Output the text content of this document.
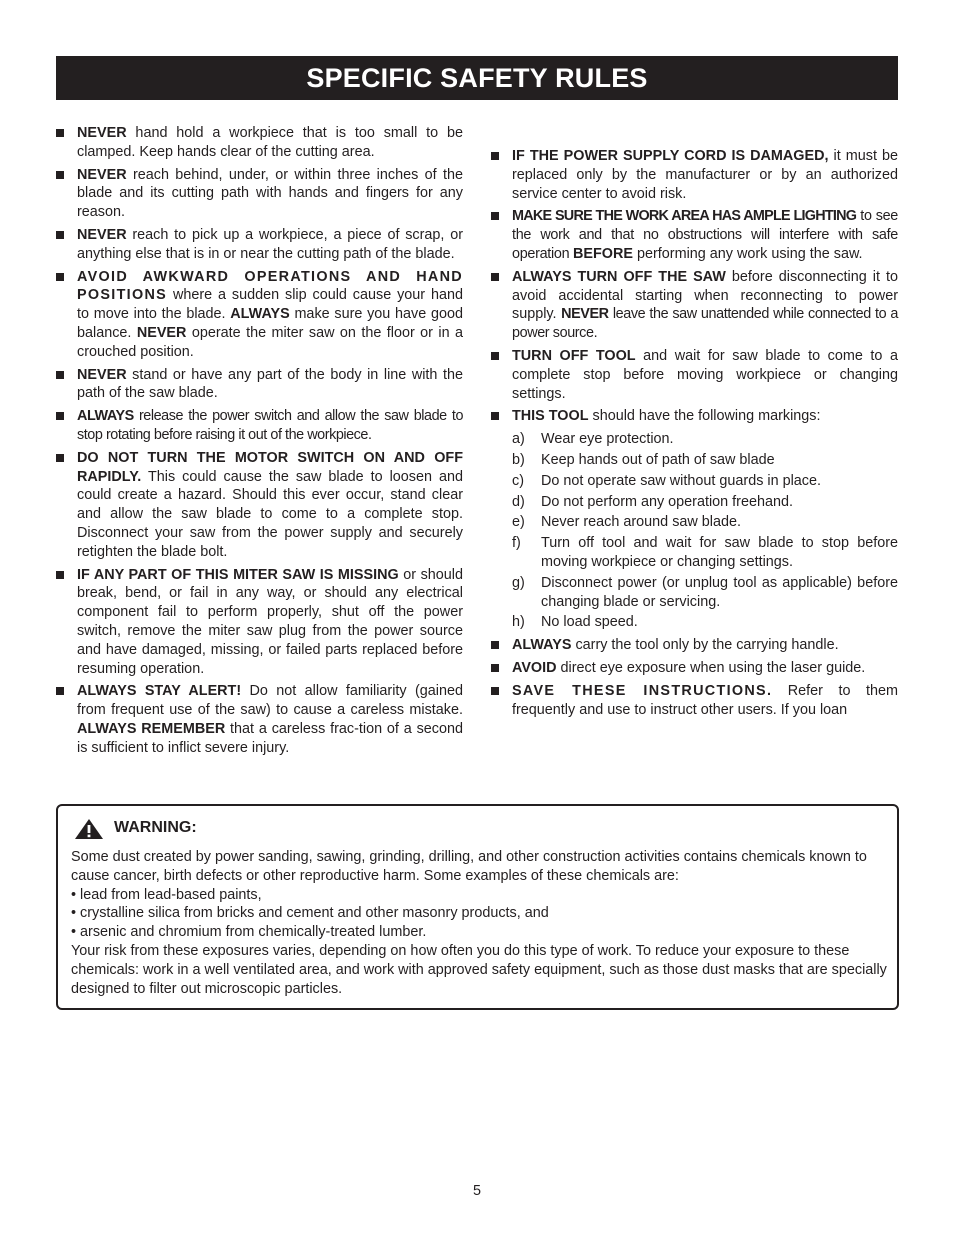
SPECIFIC SAFETY RULES
NEVER hand hold a workpiece that is too small to be clamped. Keep hands clear of the cutting area.
NEVER reach behind, under, or within three inches of the blade and its cutting path with hands and fingers for any reason.
NEVER reach to pick up a workpiece, a piece of scrap, or anything else that is in or near the cutting path of the blade.
AVOID AWKWARD OPERATIONS AND HAND POSITIONS where a sudden slip could cause your hand to move into the blade. ALWAYS make sure you have good balance. NEVER operate the miter saw on the floor or in a crouched position.
NEVER stand or have any part of the body in line with the path of the saw blade.
ALWAYS release the power switch and allow the saw blade to stop rotating before raising it out of the workpiece.
DO NOT TURN THE MOTOR SWITCH ON AND OFF RAPIDLY. This could cause the saw blade to loosen and could create a hazard. Should this ever occur, stand clear and allow the saw blade to come to a complete stop. Disconnect your saw from the power supply and securely retighten the blade bolt.
IF ANY PART OF THIS MITER SAW IS MISSING or should break, bend, or fail in any way, or should any electrical component fail to perform properly, shut off the power switch, remove the miter saw plug from the power source and have damaged, missing, or failed parts replaced before resuming operation.
ALWAYS STAY ALERT! Do not allow familiarity (gained from frequent use of the saw) to cause a careless mistake. ALWAYS REMEMBER that a careless frac-tion of a second is sufficient to inflict severe injury.
IF THE POWER SUPPLY CORD IS DAMAGED, it must be replaced only by the manufacturer or by an authorized service center to avoid risk.
MAKE SURE THE WORK AREA HAS AMPLE LIGHTING to see the work and that no obstructions will interfere with safe operation BEFORE performing any work using the saw.
ALWAYS TURN OFF THE SAW before disconnecting it to avoid accidental starting when reconnecting to power supply. NEVER leave the saw unattended while connected to a power source.
TURN OFF TOOL and wait for saw blade to come to a complete stop before moving workpiece or changing settings.
THIS TOOL should have the following markings:
a) Wear eye protection.
b) Keep hands out of path of saw blade
c) Do not operate saw without guards in place.
d) Do not perform any operation freehand.
e) Never reach around saw blade.
f) Turn off tool and wait for saw blade to stop before moving workpiece or changing settings.
g) Disconnect power (or unplug tool as applicable) before changing blade or servicing.
h) No load speed.
ALWAYS carry the tool only by the carrying handle.
AVOID direct eye exposure when using the laser guide.
SAVE THESE INSTRUCTIONS. Refer to them frequently and use to instruct other users. If you loan
WARNING:

Some dust created by power sanding, sawing, grinding, drilling, and other construction activities contains chemicals known to cause cancer, birth defects or other reproductive harm. Some examples of these chemicals are:

• lead from lead-based paints,

• crystalline silica from bricks and cement and other masonry products, and

• arsenic and chromium from chemically-treated lumber.

Your risk from these exposures varies, depending on how often you do this type of work. To reduce your exposure to these chemicals: work in a well ventilated area, and work with approved safety equipment, such as those dust masks that are specially designed to filter out microscopic particles.

5
